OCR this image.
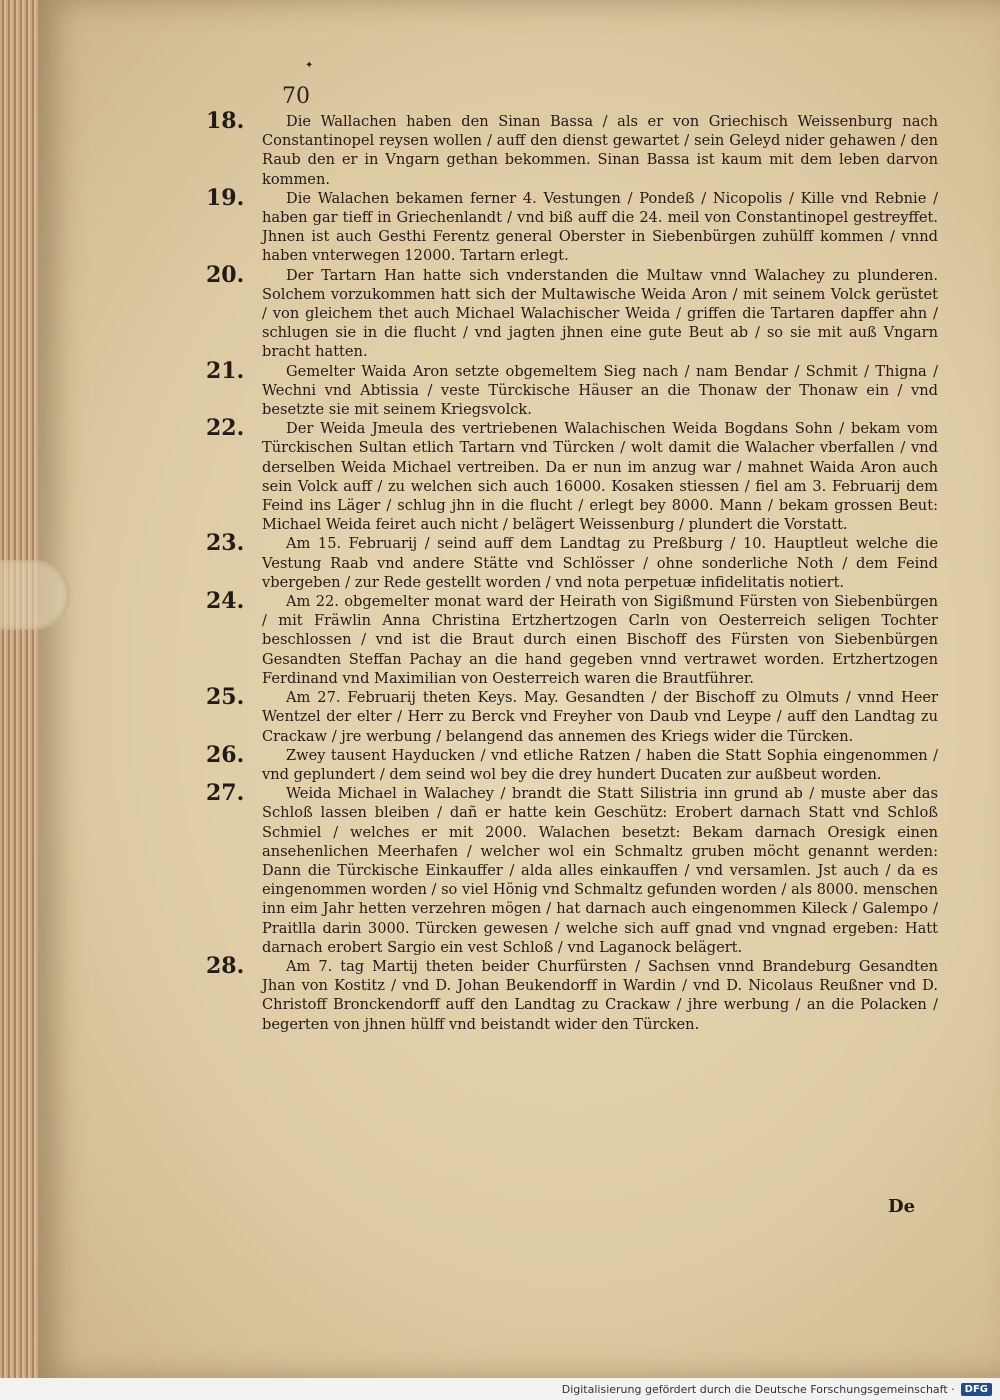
✦
70
18.	Die Wallachen haben den Sinan Bassa / als er von Griechisch Weissenburg nach Constantinopel reysen wollen / auff den dienst gewartet / sein Geleyd nider gehawen / den Raub den er in Vngarn gethan bekommen. Sinan Bassa ist kaum mit dem leben darvon kommen.
19.	Die Walachen bekamen ferner 4. Vestungen / Pondeß / Nicopolis / Kille vnd Rebnie / haben gar tieff in Griechenlandt / vnd biß auff die 24. meil von Constantinopel gestreyffet. Jhnen ist auch Gesthi Ferentz general Oberster in Siebenbürgen zuhülff kommen / vnnd haben vnterwegen 12000. Tartarn erlegt.
20.	Der Tartarn Han hatte sich vnderstanden die Multaw vnnd Walachey zu plunderen. Solchem vorzukommen hatt sich der Multawische Weida Aron / mit seinem Volck gerüstet / von gleichem thet auch Michael Walachischer Weida / griffen die Tartaren dapffer ahn / schlugen sie in die flucht / vnd jagten jhnen eine gute Beut ab / so sie mit auß Vngarn bracht hatten.
21.	Gemelter Waida Aron setzte obgemeltem Sieg nach / nam Bendar / Schmit / Thigna / Wechni vnd Abtissia / veste Türckische Häuser an die Thonaw der Thonaw ein / vnd besetzte sie mit seinem Kriegsvolck.
22.	Der Weida Jmeula des vertriebenen Walachischen Weida Bogdans Sohn / bekam vom Türckischen Sultan etlich Tartarn vnd Türcken / wolt damit die Walacher vberfallen / vnd derselben Weida Michael vertreiben. Da er nun im anzug war / mahnet Waida Aron auch sein Volck auff / zu welchen sich auch 16000. Kosaken stiessen / fiel am 3. Februarij dem Feind ins Läger / schlug jhn in die flucht / erlegt bey 8000. Mann / bekam grossen Beut: Michael Weida feiret auch nicht / belägert Weissenburg / plundert die Vorstatt.
23.	Am 15. Februarij / seind auff dem Landtag zu Preßburg / 10. Hauptleut welche die Vestung Raab vnd andere Stätte vnd Schlösser / ohne sonderliche Noth / dem Feind vbergeben / zur Rede gestellt worden / vnd nota perpetuæ infidelitatis notiert.
24.	Am 22. obgemelter monat ward der Heirath von Sigißmund Fürsten von Siebenbürgen / mit Fräwlin Anna Christina Ertzhertzogen Carln von Oesterreich seligen Tochter beschlossen / vnd ist die Braut durch einen Bischoff des Fürsten von Siebenbürgen Gesandten Steffan Pachay an die hand gegeben vnnd vertrawet worden. Ertzhertzogen Ferdinand vnd Maximilian von Oesterreich waren die Brautführer.
25.	Am 27. Februarij theten Keys. May. Gesandten / der Bischoff zu Olmuts / vnnd Heer Wentzel der elter / Herr zu Berck vnd Freyher von Daub vnd Leype / auff den Landtag zu Crackaw / jre werbung / belangend das annemen des Kriegs wider die Türcken.
26.	Zwey tausent Hayducken / vnd etliche Ratzen / haben die Statt Sophia eingenommen / vnd geplundert / dem seind wol bey die drey hundert Ducaten zur außbeut worden.
27.	Weida Michael in Walachey / brandt die Statt Silistria inn grund ab / muste aber das Schloß lassen bleiben / dañ er hatte kein Geschütz: Erobert darnach Statt vnd Schloß Schmiel / welches er mit 2000. Walachen besetzt: Bekam darnach Oresigk einen ansehenlichen Meerhafen / welcher wol ein Schmaltz gruben möcht genannt werden: Dann die Türckische Einkauffer / alda alles einkauffen / vnd versamlen. Jst auch / da es eingenommen worden / so viel Hönig vnd Schmaltz gefunden worden / als 8000. menschen inn eim Jahr hetten verzehren mögen / hat darnach auch eingenommen Kileck / Galempo / Praitlla darin 3000. Türcken gewesen / welche sich auff gnad vnd vngnad ergeben: Hatt darnach erobert Sargio ein vest Schloß / vnd Laganock belägert.
28.	Am 7. tag Martij theten beider Churfürsten / Sachsen vnnd Brandeburg Gesandten Jhan von Kostitz / vnd D. Johan Beukendorff in Wardin / vnd D. Nicolaus Reußner vnd D. Christoff Bronckendorff auff den Landtag zu Crackaw / jhre werbung / an die Polacken / begerten von jhnen hülff vnd beistandt wider den Türcken.
De
Digitalisierung gefördert durch die Deutsche Forschungsgemeinschaft ·	DFG
